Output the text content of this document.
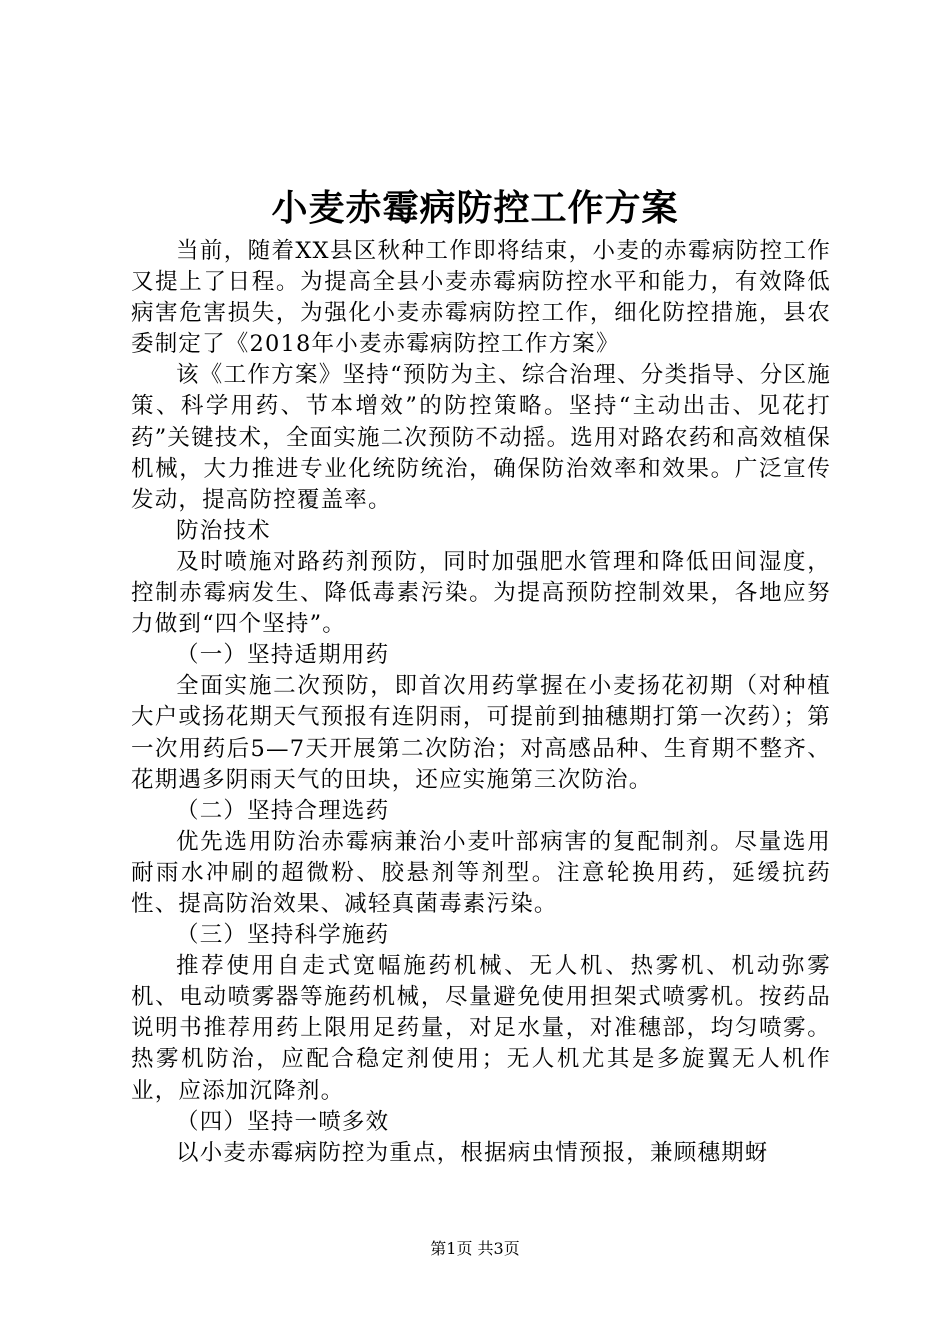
小麦赤霉病防控工作方案

当前，随着XX县区秋种工作即将结束，小麦的赤霉病防控工作又提上了日程。为提高全县小麦赤霉病防控水平和能力，有效降低病害危害损失，为强化小麦赤霉病防控工作，细化防控措施，县农委制定了《2018年小麦赤霉病防控工作方案》

该《工作方案》坚持“预防为主、综合治理、分类指导、分区施策、科学用药、节本增效”的防控策略。坚持“主动出击、见花打药”关键技术，全面实施二次预防不动摇。选用对路农药和高效植保机械，大力推进专业化统防统治，确保防治效率和效果。广泛宣传发动，提高防控覆盖率。

防治技术

及时喷施对路药剂预防，同时加强肥水管理和降低田间湿度，控制赤霉病发生、降低毒素污染。为提高预防控制效果，各地应努力做到“四个坚持”。

（一）坚持适期用药

全面实施二次预防，即首次用药掌握在小麦扬花初期（对种植大户或扬花期天气预报有连阴雨，可提前到抽穗期打第一次药）；第一次用药后5—7天开展第二次防治；对高感品种、生育期不整齐、花期遇多阴雨天气的田块，还应实施第三次防治。

（二）坚持合理选药

优先选用防治赤霉病兼治小麦叶部病害的复配制剂。尽量选用耐雨水冲刷的超微粉、胶悬剂等剂型。注意轮换用药，延缓抗药性、提高防治效果、减轻真菌毒素污染。

（三）坚持科学施药

推荐使用自走式宽幅施药机械、无人机、热雾机、机动弥雾机、电动喷雾器等施药机械，尽量避免使用担架式喷雾机。按药品说明书推荐用药上限用足药量，对足水量，对准穗部，均匀喷雾。热雾机防治，应配合稳定剂使用；无人机尤其是多旋翼无人机作业，应添加沉降剂。

（四）坚持一喷多效

以小麦赤霉病防控为重点，根据病虫情预报，兼顾穗期蚜

第1页 共3页
